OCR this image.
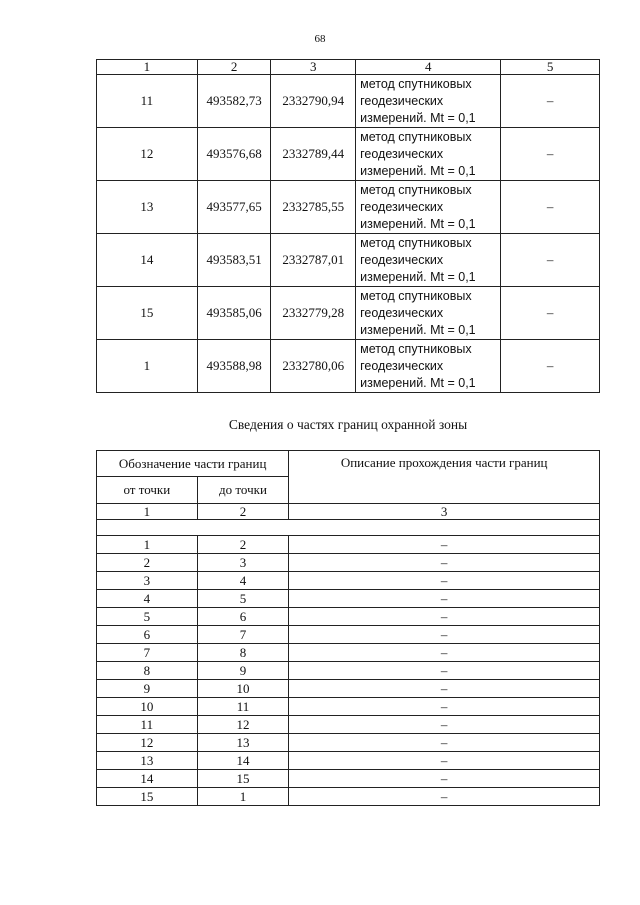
68
1	2	3	4	5
11	493582,73	2332790,94	метод спутниковых
геодезических
измерений. Mt = 0,1	–
12	493576,68	2332789,44	метод спутниковых
геодезических
измерений. Mt = 0,1	–
13	493577,65	2332785,55	метод спутниковых
геодезических
измерений. Mt = 0,1	–
14	493583,51	2332787,01	метод спутниковых
геодезических
измерений. Mt = 0,1	–
15	493585,06	2332779,28	метод спутниковых
геодезических
измерений. Mt = 0,1	–
1	493588,98	2332780,06	метод спутниковых
геодезических
измерений. Mt = 0,1	–
Сведения о частях границ охранной зоны
Обозначение части границ		Описание прохождения части границ
от точки	до точки	
1	2	3

1	2	–
2	3	–
3	4	–
4	5	–
5	6	–
6	7	–
7	8	–
8	9	–
9	10	–
10	11	–
11	12	–
12	13	–
13	14	–
14	15	–
15	1	–
